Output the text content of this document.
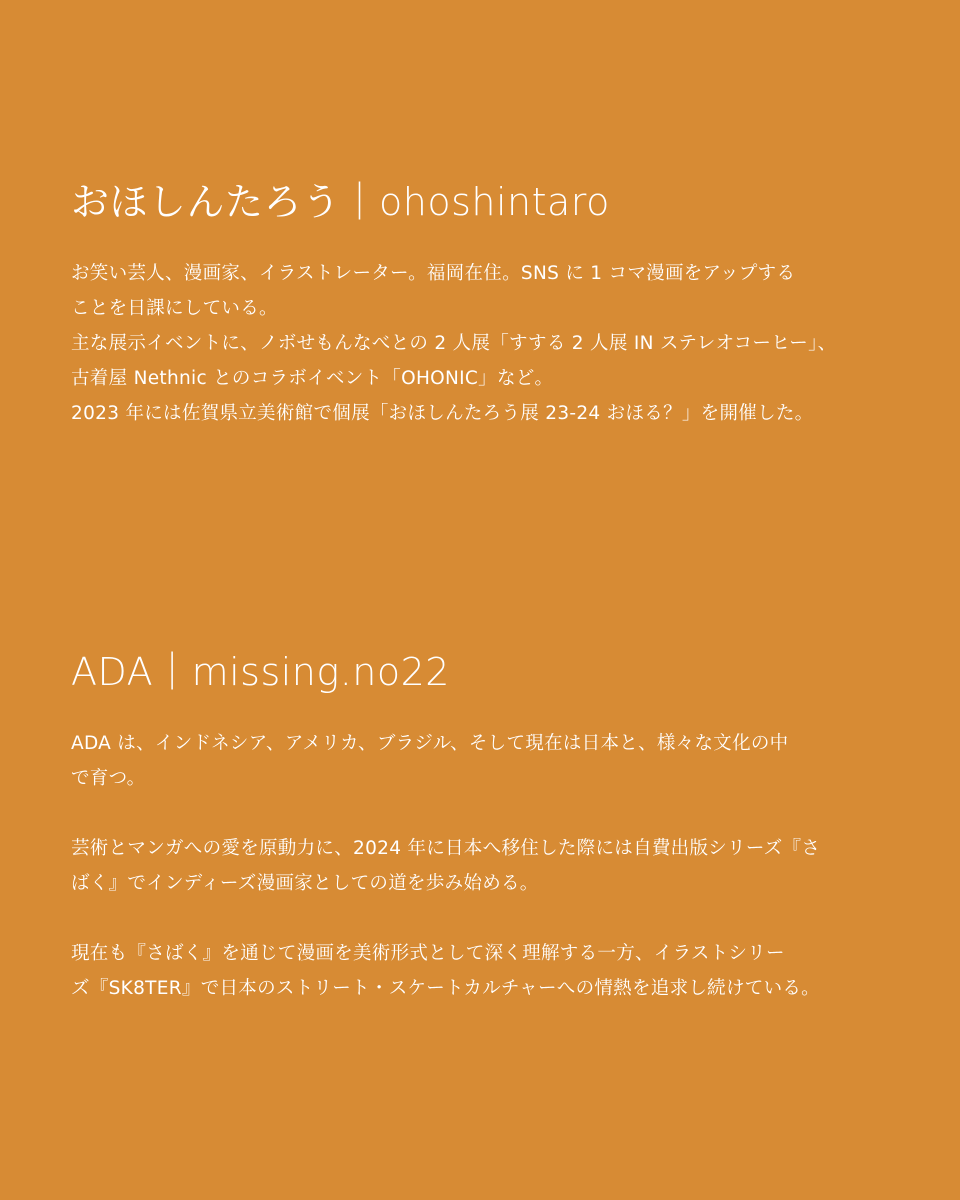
おほしんたろう｜ohoshintaro

お笑い芸人、漫画家、イラストレーター。福岡在住。SNS に 1 コマ漫画をアップする
ことを日課にしている。
主な展示イベントに、ノボせもんなべとの 2 人展「すする 2 人展 IN ステレオコーヒー」、
古着屋 Nethnic とのコラボイベント「OHONIC」など。
2023 年には佐賀県立美術館で個展「おほしんたろう展 23-24 おほる？」を開催した。

ADA｜missing.no22

ADA は、インドネシア、アメリカ、ブラジル、そして現在は日本と、様々な文化の中
で育つ。

芸術とマンガへの愛を原動力に、2024 年に日本へ移住した際には自費出版シリーズ『さ
ばく』でインディーズ漫画家としての道を歩み始める。

現在も『さばく』を通じて漫画を美術形式として深く理解する一方、イラストシリー
ズ『SK8TER』で日本のストリート・スケートカルチャーへの情熱を追求し続けている。
